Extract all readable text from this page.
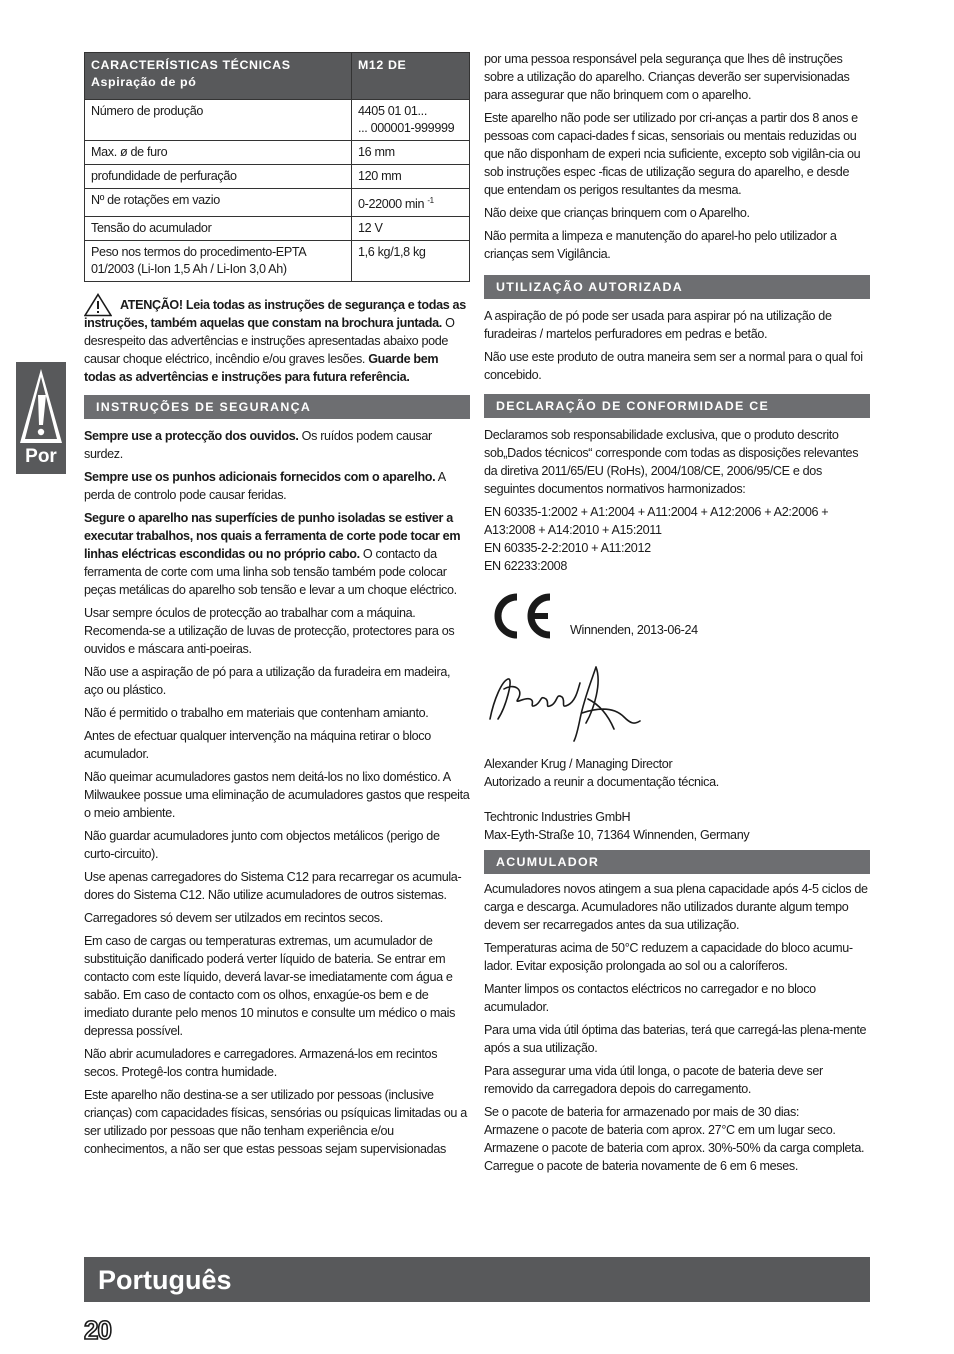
Por
CARACTERÍSTICAS TÉCNICAS
Aspiração de pó	M12 DE
Número de produção	4405 01 01...
... 000001-999999
Max. ø de furo	16 mm
profundidade de perfuração	120 mm
Nº de rotações em vazio	0-22000 min $^{-1}$
Tensão do acumulador	12 V
Peso nos termos do procedimento-EPTA
01/2003 (Li-Ion 1,5 Ah / Li-Ion 3,0 Ah)	1,6 kg/1,8 kg
ATENÇÃO! Leia todas as instruções de segurança e todas as instruções, também aquelas que constam na brochura juntada. O desrespeito das advertências e instruções apresentadas abaixo pode causar choque eléctrico, incêndio e/ou graves lesões. Guarde bem todas as advertências e instruções para futura referência.
INSTRUÇÕES DE SEGURANÇA

Sempre use a protecção dos ouvidos. Os ruídos podem causar surdez.

Sempre use os punhos adicionais fornecidos com o aparelho. A perda de controlo pode causar feridas.

Segure o aparelho nas superfícies de punho isoladas se estiver a executar trabalhos, nos quais a ferramenta de corte pode tocar em linhas eléctricas escondidas ou no próprio cabo. O contacto da ferramenta de corte com uma linha sob tensão também pode colocar peças metálicas do aparelho sob tensão e levar a um choque eléctrico.

Usar sempre óculos de protecção ao trabalhar com a máquina. Recomenda-se a utilização de luvas de protecção, protectores para os ouvidos e máscara anti-poeiras.

Não use a aspiração de pó para a utilização da furadeira em madeira, aço ou plástico.

Não é permitido o trabalho em materiais que contenham amianto.

Antes de efectuar qualquer intervenção na máquina retirar o bloco acumulador.

Não queimar acumuladores gastos nem deitá-los no lixo doméstico. A Milwaukee possue uma eliminação de acumuladores gastos que respeita o meio ambiente.

Não guardar acumuladores junto com objectos metálicos (perigo de curto-circuito).

Use apenas carregadores do Sistema C12 para recarregar os acumula-dores do Sistema C12. Não utilize acumuladores de outros sistemas.

Carregadores só devem ser utilzados em recintos secos.

Em caso de cargas ou temperaturas extremas, um acumulador de substituição danificado poderá verter líquido de bateria. Se entrar em contacto com este líquido, deverá lavar-se imediatamente com água e sabão. Em caso de contacto com os olhos, enxagúe-os bem e de imediato durante pelo menos 10 minutos e consulte um médico o mais depressa possível.

Não abrir acumuladores e carregadores. Armazená-los em recintos secos. Protegê-los contra humidade.

Este aparelho não destina-se a ser utilizado por pessoas (inclusive crianças) com capacidades físicas, sensórias ou psíquicas limitadas ou a ser utilizado por pessoas que não tenham experiência e/ou conhecimentos, a não ser que estas pessoas sejam supervisionadas

por uma pessoa responsável pela segurança que lhes dê instruções sobre a utilização do aparelho. Crianças deverão ser supervisionadas para assegurar que não brinquem com o aparelho.

Este aparelho não pode ser utilizado por cri-anças a partir dos 8 anos e pessoas com capaci-dades f sicas, sensoriais ou mentais reduzidas ou que não disponham de experi ncia suficiente, excepto sob vigilân-cia ou sob instruções espec -ficas de utilização segura do aparelho, e desde que entendam os perigos resultantes da mesma.

Não deixe que crianças brinquem com o Aparelho.

Não permita a limpeza e manutenção do aparel-ho pelo utilizador a crianças sem Vigilância.

UTILIZAÇÃO AUTORIZADA

A aspiração de pó pode ser usada para aspirar pó na utilização de furadeiras / martelos perfuradores em pedras e betão.

Não use este produto de outra maneira sem ser a normal para o qual foi concebido.

DECLARAÇÃO DE CONFORMIDADE CE

Declaramos sob responsabilidade exclusiva, que o produto descrito sob„Dados técnicos“ corresponde com todas as disposições relevantes da diretiva 2011/65/EU (RoHs), 2004/108/CE, 2006/95/CE e dos seguintes documentos normativos harmonizados:

EN 60335-1:2002 + A1:2004 + A11:2004 + A12:2006 + A2:2006 + A13:2008 + A14:2010 + A15:2011

EN 60335-2-2:2010 + A11:2012

EN 62233:2008

Winnenden, 2013-06-24

Alexander Krug / Managing Director

Autorizado a reunir a documentação técnica.

Techtronic Industries GmbH

Max-Eyth-Straße 10, 71364 Winnenden, Germany

ACUMULADOR

Acumuladores novos atingem a sua plena capacidade após 4-5 ciclos de carga e descarga. Acumuladores não utilizados durante algum tempo devem ser recarregados antes da sua utilização.

Temperaturas acima de 50°C reduzem a capacidade do bloco acumu-lador. Evitar exposição prolongada ao sol ou a caloríferos.

Manter limpos os contactos eléctricos no carregador e no bloco acumulador.

Para uma vida útil óptima das baterias, terá que carregá-las plena-mente após a sua utilização.

Para assegurar uma vida útil longa, o pacote de bateria deve ser removido da carregadora depois do carregamento.

Se o pacote de bateria for armazenado por mais de 30 dias:

Armazene o pacote de bateria com aprox. 27°C em um lugar seco.

Armazene o pacote de bateria com aprox. 30%-50% da carga completa.

Carregue o pacote de bateria novamente de 6 em 6 meses.

Português
20
